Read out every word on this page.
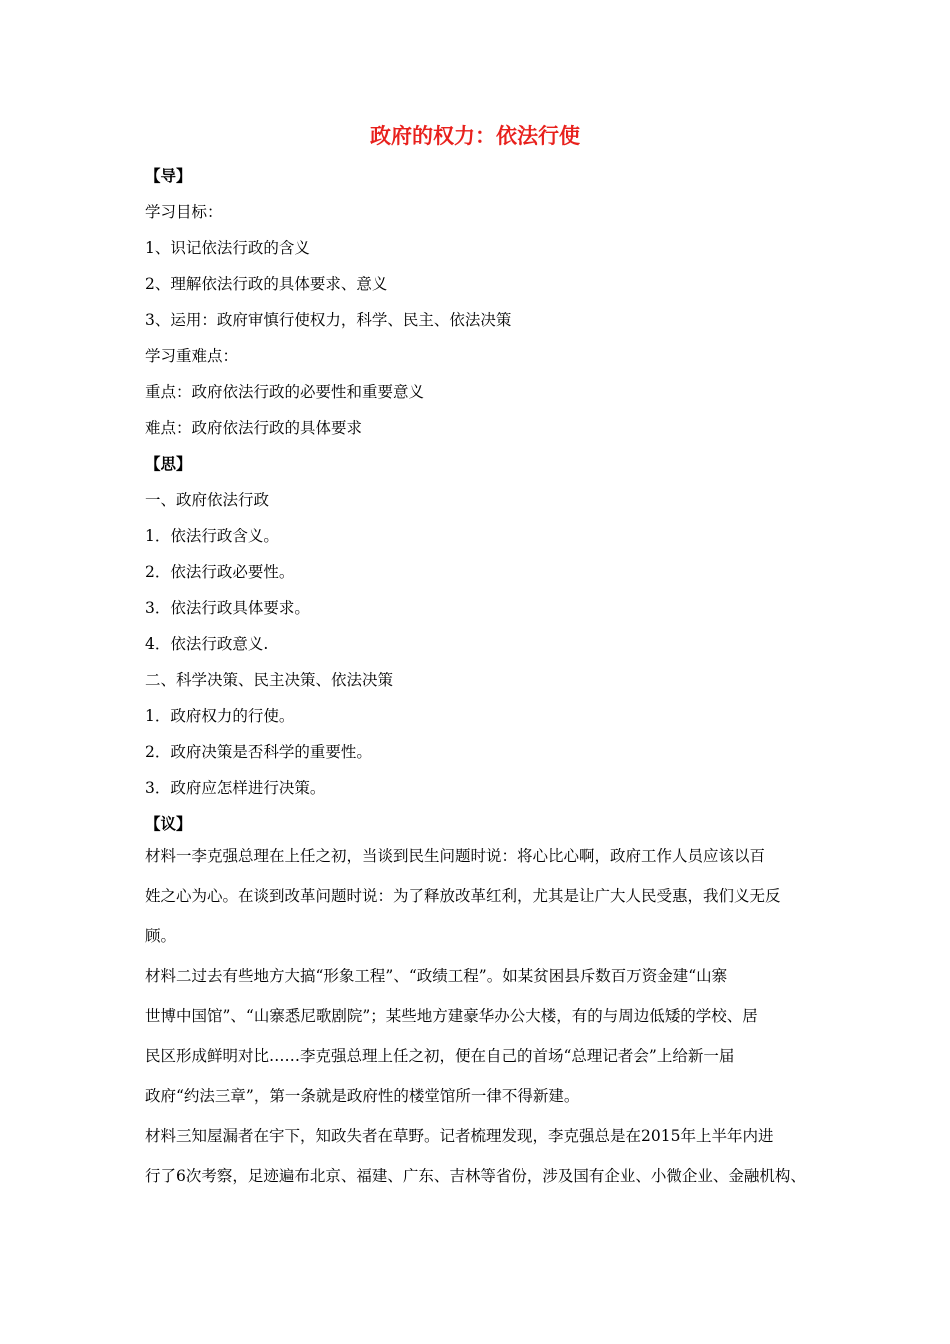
政府的权力：依法行使
【导】
学习目标：
1、识记依法行政的含义
2、理解依法行政的具体要求、意义
3、运用：政府审慎行使权力，科学、民主、依法决策
学习重难点：
重点：政府依法行政的必要性和重要意义
难点：政府依法行政的具体要求
【思】
一、政府依法行政
1．依法行政含义。
2．依法行政必要性。
3．依法行政具体要求。
4．依法行政意义.
二、科学决策、民主决策、依法决策
1．政府权力的行使。
2．政府决策是否科学的重要性。
3．政府应怎样进行决策。
【议】
材料一李克强总理在上任之初，当谈到民生问题时说：将心比心啊，政府工作人员应该以百
姓之心为心。在谈到改革问题时说：为了释放改革红利，尤其是让广大人民受惠，我们义无反
顾。
材料二过去有些地方大搞“形象工程”、“政绩工程”。如某贫困县斥数百万资金建“山寨
世博中国馆”、“山寨悉尼歌剧院”；某些地方建豪华办公大楼，有的与周边低矮的学校、居
民区形成鲜明对比……李克强总理上任之初，便在自己的首场“总理记者会”上给新一届
政府“约法三章”，第一条就是政府性的楼堂馆所一律不得新建。
材料三知屋漏者在宇下，知政失者在草野。记者梳理发现，李克强总是在2015年上半年内进
行了6次考察，足迹遍布北京、福建、广东、吉林等省份，涉及国有企业、小微企业、金融机构、
